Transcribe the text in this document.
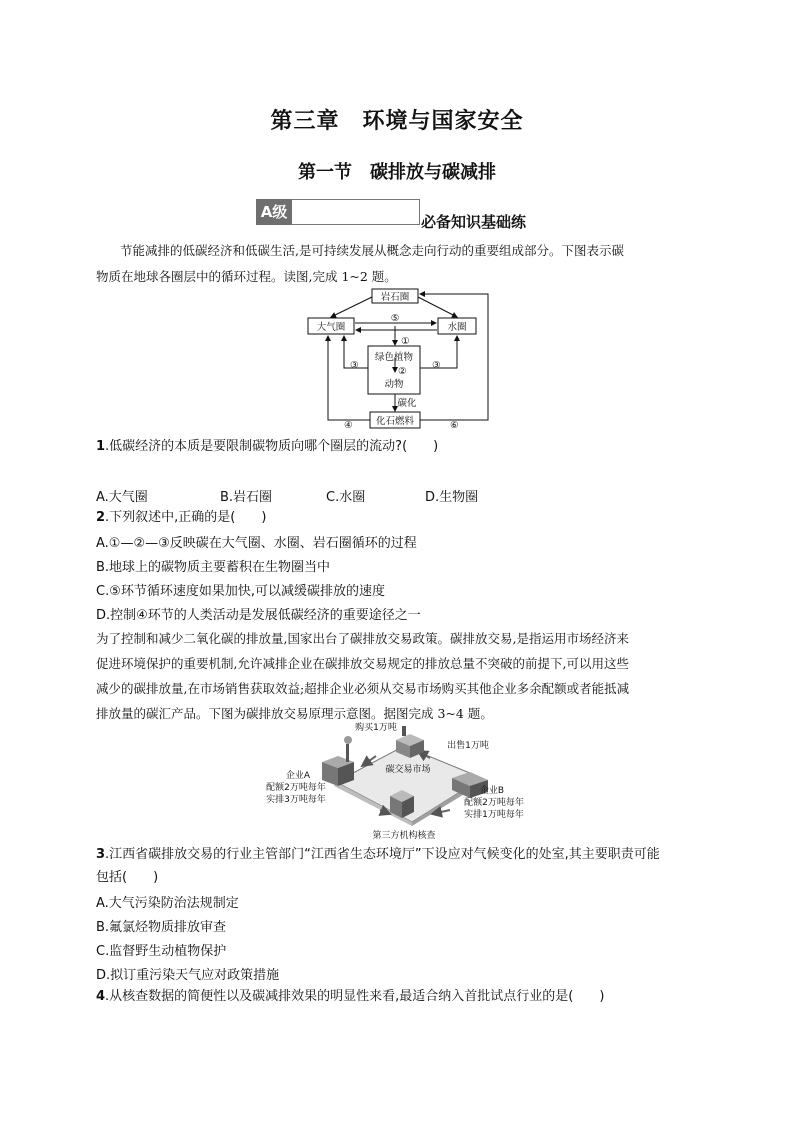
第三章　环境与国家安全
第一节　碳排放与碳减排
A级
必备知识基础练
节能减排的低碳经济和低碳生活,是可持续发展从概念走向行动的重要组成部分。下图表示碳
物质在地球各圈层中的循环过程。读图,完成 1~2 题。
岩石圈
大气圈	水圈
绿色植物
动物
碳化
化石燃料
⑤
①
②
③	③
④	⑥
1.低碳经济的本质是要限制碳物质向哪个圈层的流动?(　　)
A.大气圈	B.岩石圈	C.水圈	D.生物圈
2.下列叙述中,正确的是(　　)
A.①—②—③反映碳在大气圈、水圈、岩石圈循环的过程
B.地球上的碳物质主要蓄积在生物圈当中
C.⑤环节循环速度如果加快,可以减缓碳排放的速度
D.控制④环节的人类活动是发展低碳经济的重要途径之一
为了控制和减少二氧化碳的排放量,国家出台了碳排放交易政策。碳排放交易,是指运用市场经济来
促进环境保护的重要机制,允许减排企业在碳排放交易规定的排放总量不突破的前提下,可以用这些
减少的碳排放量,在市场销售获取效益;超排企业必须从交易市场购买其他企业多余配额或者能抵减
排放量的碳汇产品。下图为碳排放交易原理示意图。据图完成 3~4 题。
购买1万吨
出售1万吨
碳交易市场
企业A
配额2万吨每年
实排3万吨每年
企业B
配额2万吨每年
实排1万吨每年
第三方机构核查
3.江西省碳排放交易的行业主管部门“江西省生态环境厅”下设应对气候变化的处室,其主要职责可能
包括(　　)
A.大气污染防治法规制定
B.氟氯烃物质排放审查
C.监督野生动植物保护
D.拟订重污染天气应对政策措施
4.从核查数据的简便性以及碳减排效果的明显性来看,最适合纳入首批试点行业的是(　　)
